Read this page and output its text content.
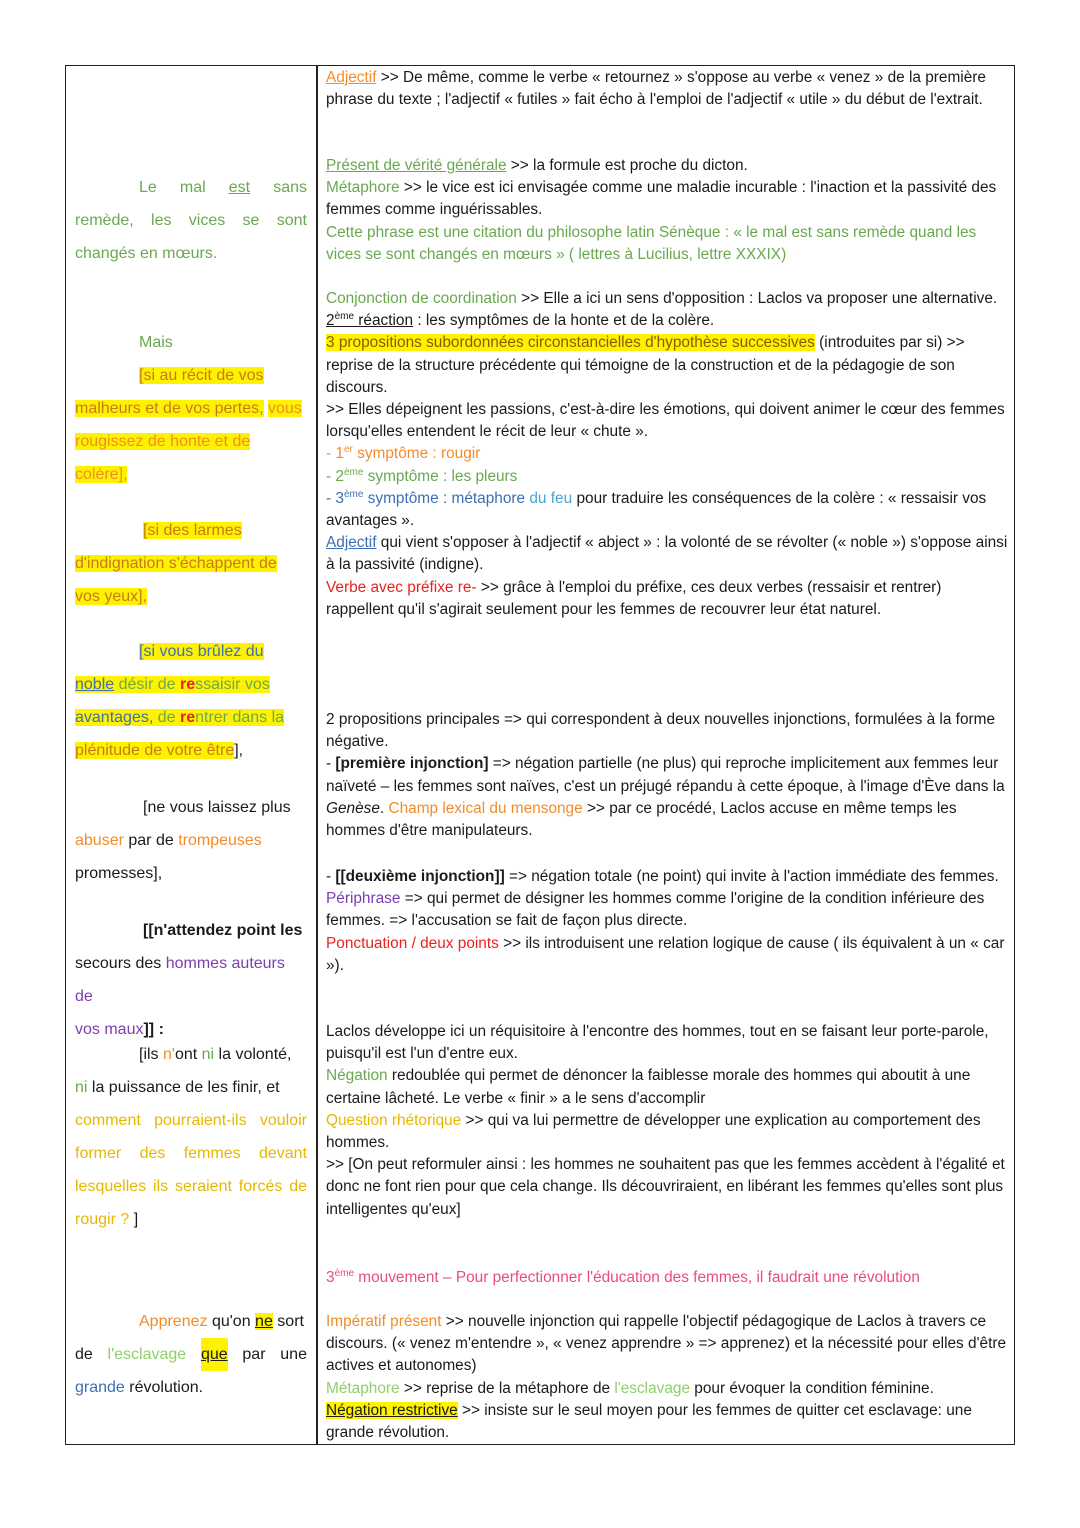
Le mal est sans

remède, les vices se sont changés en mœurs.

Mais

[si au récit de vos

malheurs et de vos pertes, vous

rougissez de honte et de

colère],

[si des larmes

d'indignation s'échappent de

vos yeux],

[si vous brûlez du

noble désir de ressaisir vos

avantages, de rentrer dans la

plénitude de votre être],

[ne vous laissez plus

abuser par de trompeuses

promesses],

[[n'attendez point les

secours des hommes auteurs de

vos maux]] :

[ils n'ont ni la volonté,

ni la puissance de les finir, et

comment pourraient-ils vouloir former des femmes devant lesquelles ils seraient forcés de rougir ? ]

Apprenez qu'on ne sort

de l'esclavage que par une

grande révolution.

Adjectif >> De même, comme le verbe « retournez » s'oppose au verbe « venez » de la première phrase du texte ; l'adjectif « futiles » fait écho à l'emploi de l'adjectif « utile » du début de l'extrait.

Présent de vérité générale >> la formule est proche du dicton.

Métaphore >> le vice est ici envisagée comme une maladie incurable : l'inaction et la passivité des femmes comme inguérissables.

Cette phrase est une citation du philosophe latin Sénèque : « le mal est sans remède quand les vices se sont changés en mœurs » ( lettres à Lucilius, lettre XXXIX)

Conjonction de coordination >> Elle a ici un sens d'opposition : Laclos va proposer une alternative.

2ème réaction : les symptômes de la honte et de la colère.

3 propositions subordonnées circonstancielles d'hypothèse successives (introduites par si) >> reprise de la structure précédente qui témoigne de la construction et de la pédagogie de son discours.

>> Elles dépeignent les passions, c'est-à-dire les émotions, qui doivent animer le cœur des femmes lorsqu'elles entendent le récit de leur « chute ».

- 1er symptôme : rougir

- 2ème symptôme : les pleurs

- 3ème symptôme : métaphore du feu pour traduire les conséquences de la colère : « ressaisir vos avantages ».

Adjectif qui vient s'opposer à l'adjectif « abject » : la volonté de se révolter (« noble ») s'oppose ainsi à la passivité (indigne).

Verbe avec préfixe re- >> grâce à l'emploi du préfixe, ces deux verbes (ressaisir et rentrer) rappellent qu'il s'agirait seulement pour les femmes de recouvrer leur état naturel.

2 propositions principales => qui correspondent à deux nouvelles injonctions, formulées à la forme négative.

- [première injonction] => négation partielle (ne plus) qui reproche implicitement aux femmes leur naïveté – les femmes sont naïves, c'est un préjugé répandu à cette époque, à l'image d'Ève dans la Genèse. Champ lexical du mensonge >> par ce procédé, Laclos accuse en même temps les hommes d'être manipulateurs.

- [[deuxième injonction]] => négation totale (ne point) qui invite à l'action immédiate des femmes.

Périphrase => qui permet de désigner les hommes comme l'origine de la condition inférieure des femmes. => l'accusation se fait de façon plus directe.

Ponctuation / deux points >> ils introduisent une relation logique de cause ( ils équivalent à un « car »).

Laclos développe ici un réquisitoire à l'encontre des hommes, tout en se faisant leur porte-parole, puisqu'il est l'un d'entre eux.

Négation redoublée qui permet de dénoncer la faiblesse morale des hommes qui aboutit à une certaine lâcheté. Le verbe « finir » a le sens d'accomplir

Question rhétorique >> qui va lui permettre de développer une explication au comportement des hommes.

>> [On peut reformuler ainsi : les hommes ne souhaitent pas que les femmes accèdent à l'égalité et donc ne font rien pour que cela change. Ils découvriraient, en libérant les femmes qu'elles sont plus intelligentes qu'eux]

3ème mouvement – Pour perfectionner l'éducation des femmes, il faudrait une révolution

Impératif présent >> nouvelle injonction qui rappelle l'objectif pédagogique de Laclos à travers ce discours. (« venez m'entendre », « venez apprendre » => apprenez) et la nécessité pour elles d'être actives et autonomes)

Métaphore >> reprise de la métaphore de l'esclavage pour évoquer la condition féminine.

Négation restrictive >> insiste sur le seul moyen pour les femmes de quitter cet esclavage: une grande révolution.
